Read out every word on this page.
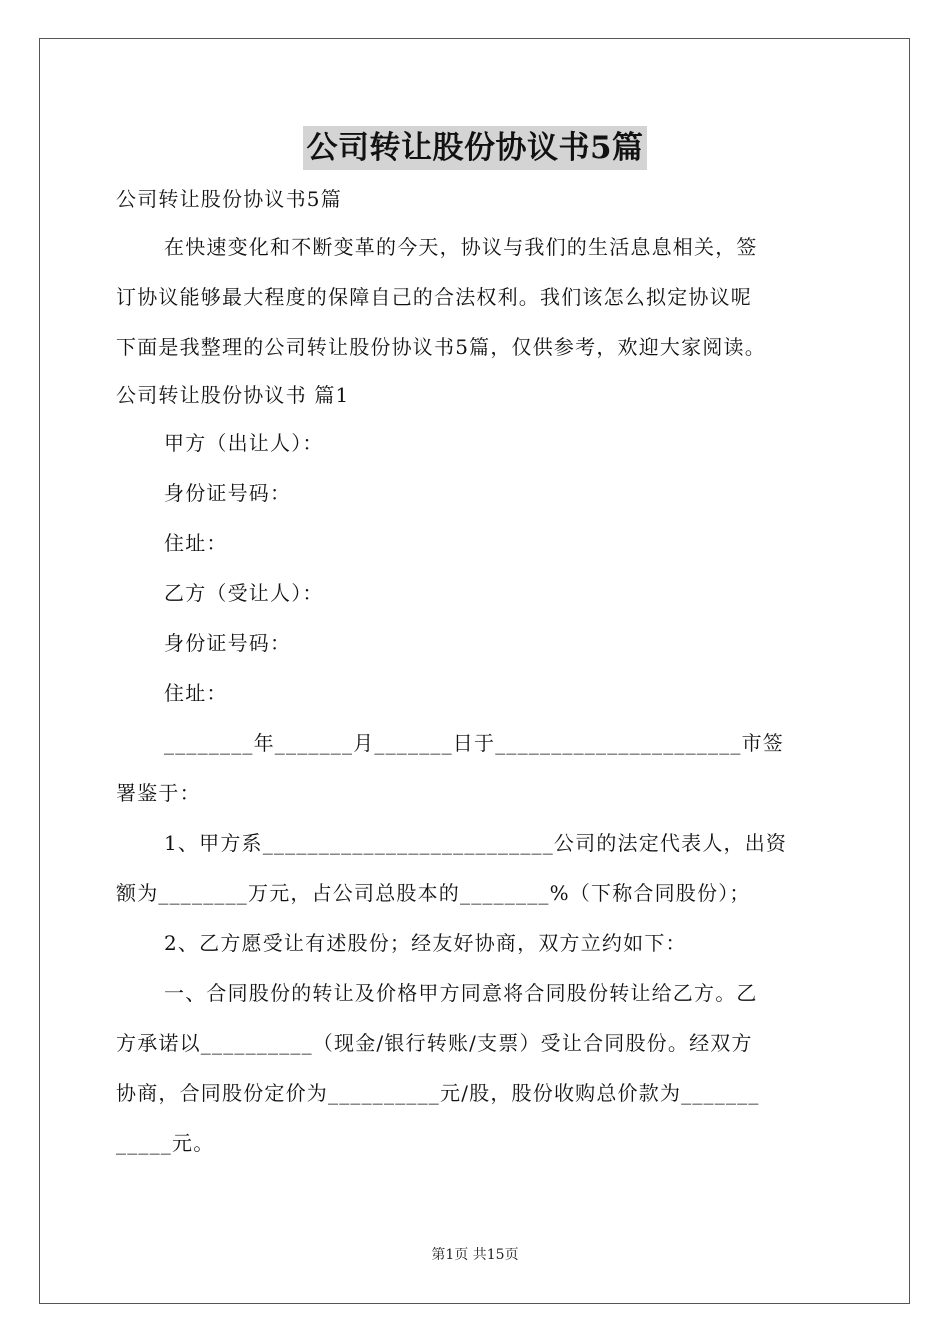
公司转让股份协议书5篇
公司转让股份协议书5篇
在快速变化和不断变革的今天，协议与我们的生活息息相关，签
订协议能够最大程度的保障自己的合法权利。我们该怎么拟定协议呢
下面是我整理的公司转让股份协议书5篇，仅供参考，欢迎大家阅读。
公司转让股份协议书 篇1
甲方（出让人）：
身份证号码：
住址：
乙方（受让人）：
身份证号码：
住址：
________年_______月_______日于______________________市签
署鉴于：
1、甲方系__________________________公司的法定代表人，出资
额为________万元，占公司总股本的________%（下称合同股份）；
2、乙方愿受让有述股份；经友好协商，双方立约如下：
一、合同股份的转让及价格甲方同意将合同股份转让给乙方。乙
方承诺以__________（现金/银行转账/支票）受让合同股份。经双方
协商，合同股份定价为__________元/股，股份收购总价款为_______
_____元。
第1页 共15页
